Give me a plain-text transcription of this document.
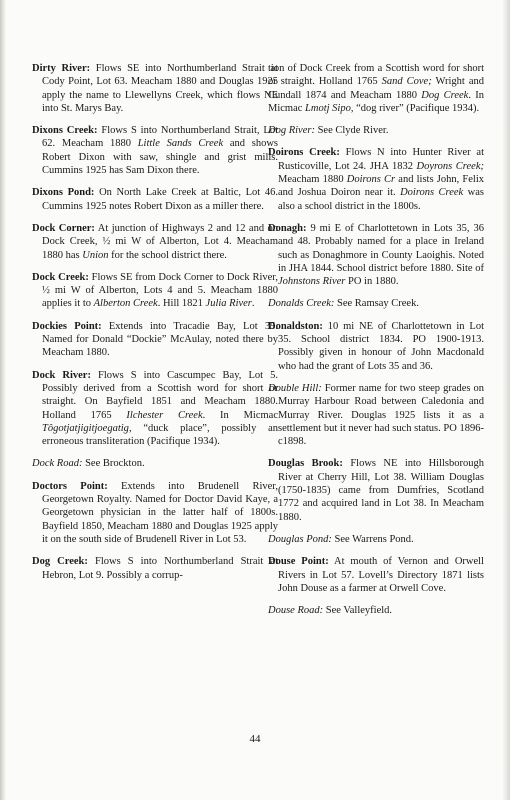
Dirty River: Flows SE into Northumberland Strait at Cody Point, Lot 63. Meacham 1880 and Douglas 1925 apply the name to Llewellyns Creek, which flows NE into St. Marys Bay.

Dixons Creek: Flows S into Northumberland Strait, Lot 62. Meacham 1880 Little Sands Creek and shows Robert Dixon with saw, shingle and grist mills. Cummins 1925 has Sam Dixon there.

Dixons Pond: On North Lake Creek at Baltic, Lot 46. Cummins 1925 notes Robert Dixon as a miller there.

Dock Corner: At junction of Highways 2 and 12 and on Dock Creek, ½ mi W of Alberton, Lot 4. Meacham 1880 has Union for the school district there.

Dock Creek: Flows SE from Dock Corner to Dock River, ½ mi W of Alberton, Lots 4 and 5. Meacham 1880 applies it to Alberton Creek. Hill 1821 Julia River.

Dockies Point: Extends into Tracadie Bay, Lot 35. Named for Donald “Dockie” McAulay, noted there by Meacham 1880.

Dock River: Flows S into Cascumpec Bay, Lot 5. Possibly derived from a Scottish word for short or straight. On Bayfield 1851 and Meacham 1880. Holland 1765 Ilchester Creek. In Micmac Tôgotjatjigitjoegatig, “duck place”, possibly an erroneous transliteration (Pacifique 1934).

Dock Road: See Brockton.

Doctors Point: Extends into Brudenell River, Georgetown Royalty. Named for Doctor David Kaye, a Georgetown physician in the latter half of 1800s. Bayfield 1850, Meacham 1880 and Douglas 1925 apply it on the south side of Brudenell River in Lot 53.

Dog Creek: Flows S into Northumberland Strait at Hebron, Lot 9. Possibly a corrup-

tion of Dock Creek from a Scottish word for short or straight. Holland 1765 Sand Cove; Wright and Cundall 1874 and Meacham 1880 Dog Creek. In Micmac Lmotj Sipo, “dog river” (Pacifique 1934).

Dog River: See Clyde River.

Doirons Creek: Flows N into Hunter River at Rusticoville, Lot 24. JHA 1832 Doyrons Creek; Meacham 1880 Doirons Cr and lists John, Felix and Joshua Doiron near it. Doirons Creek was also a school district in the 1800s.

Donagh: 9 mi E of Charlottetown in Lots 35, 36 and 48. Probably named for a place in Ireland such as Donaghmore in County Laoighis. Noted in JHA 1844. School district before 1880. Site of Johnstons River PO in 1880.

Donalds Creek: See Ramsay Creek.

Donaldston: 10 mi NE of Charlottetown in Lot 35. School district 1834. PO 1900-1913. Possibly given in honour of John Macdonald who had the grant of Lots 35 and 36.

Double Hill: Former name for two steep grades on Murray Harbour Road between Caledonia and Murray River. Douglas 1925 lists it as a settlement but it never had such status. PO 1896-c1898.

Douglas Brook: Flows NE into Hillsborough River at Cherry Hill, Lot 38. William Douglas (1750-1835) came from Dumfries, Scotland 1772 and acquired land in Lot 38. In Meacham 1880.

Douglas Pond: See Warrens Pond.

Douse Point: At mouth of Vernon and Orwell Rivers in Lot 57. Lovell’s Directory 1871 lists John Douse as a farmer at Orwell Cove.

Douse Road: See Valleyfield.

44
